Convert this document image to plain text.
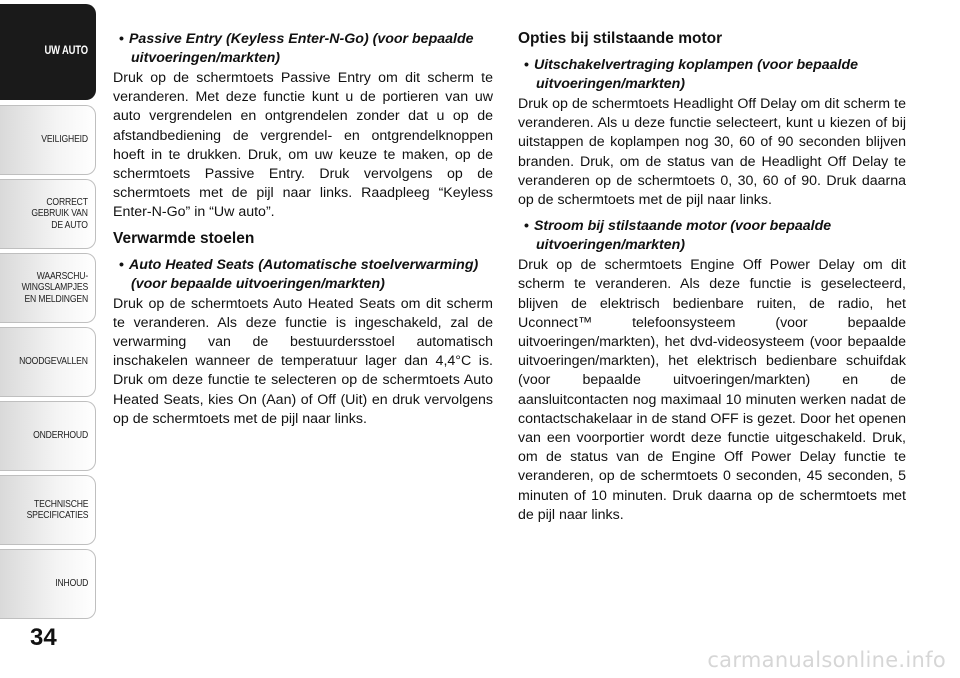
UW AUTO
VEILIGHEID
CORRECT
GEBRUIK VAN
DE AUTO
WAARSCHU-
WINGSLAMPJES
EN MELDINGEN
NOODGEVALLEN
ONDERHOUD
TECHNISCHE
SPECIFICATIES
INHOUD
34
• Passive Entry (Keyless Enter-N-Go) (voor bepaalde uitvoeringen/markten)

Druk op de schermtoets Passive Entry om dit scherm te veranderen. Met deze functie kunt u de portieren van uw auto vergrendelen en ontgrendelen zonder dat u op de afstandbediening de vergrendel- en ontgrendelknoppen hoeft in te drukken. Druk, om uw keuze te maken, op de schermtoets Passive Entry. Druk vervolgens op de schermtoets met de pijl naar links. Raadpleeg “Keyless Enter-N-Go” in “Uw auto”.

Verwarmde stoelen
• Auto Heated Seats (Automatische stoelverwarming) (voor bepaalde uitvoeringen/markten)

Druk op de schermtoets Auto Heated Seats om dit scherm te veranderen. Als deze functie is ingeschakeld, zal de verwarming van de bestuurdersstoel automatisch inschakelen wanneer de temperatuur lager dan 4,4°C is. Druk om deze functie te selecteren op de schermtoets Auto Heated Seats, kies On (Aan) of Off (Uit) en druk vervolgens op de schermtoets met de pijl naar links.

Opties bij stilstaande motor
• Uitschakelvertraging koplampen (voor bepaalde uitvoeringen/markten)

Druk op de schermtoets Headlight Off Delay om dit scherm te veranderen. Als u deze functie selecteert, kunt u kiezen of bij uitstappen de koplampen nog 30, 60 of 90 seconden blijven branden. Druk, om de status van de Headlight Off Delay te veranderen op de schermtoets 0, 30, 60 of 90. Druk daarna op de schermtoets met de pijl naar links.

• Stroom bij stilstaande motor (voor bepaalde uitvoeringen/markten)

Druk op de schermtoets Engine Off Power Delay om dit scherm te veranderen. Als deze functie is geselecteerd, blijven de elektrisch bedienbare ruiten, de radio, het Uconnect™ telefoonsysteem (voor bepaalde uitvoeringen/markten), het dvd-videosysteem (voor bepaalde uitvoeringen/markten), het elektrisch bedienbare schuifdak (voor bepaalde uitvoeringen/markten) en de aansluitcontacten nog maximaal 10 minuten werken nadat de contactschakelaar in de stand OFF is gezet. Door het openen van een voorportier wordt deze functie uitgeschakeld. Druk, om de status van de Engine Off Power Delay functie te veranderen, op de schermtoets 0 seconden, 45 seconden, 5 minuten of 10 minuten. Druk daarna op de schermtoets met de pijl naar links.

carmanualsonline.info
